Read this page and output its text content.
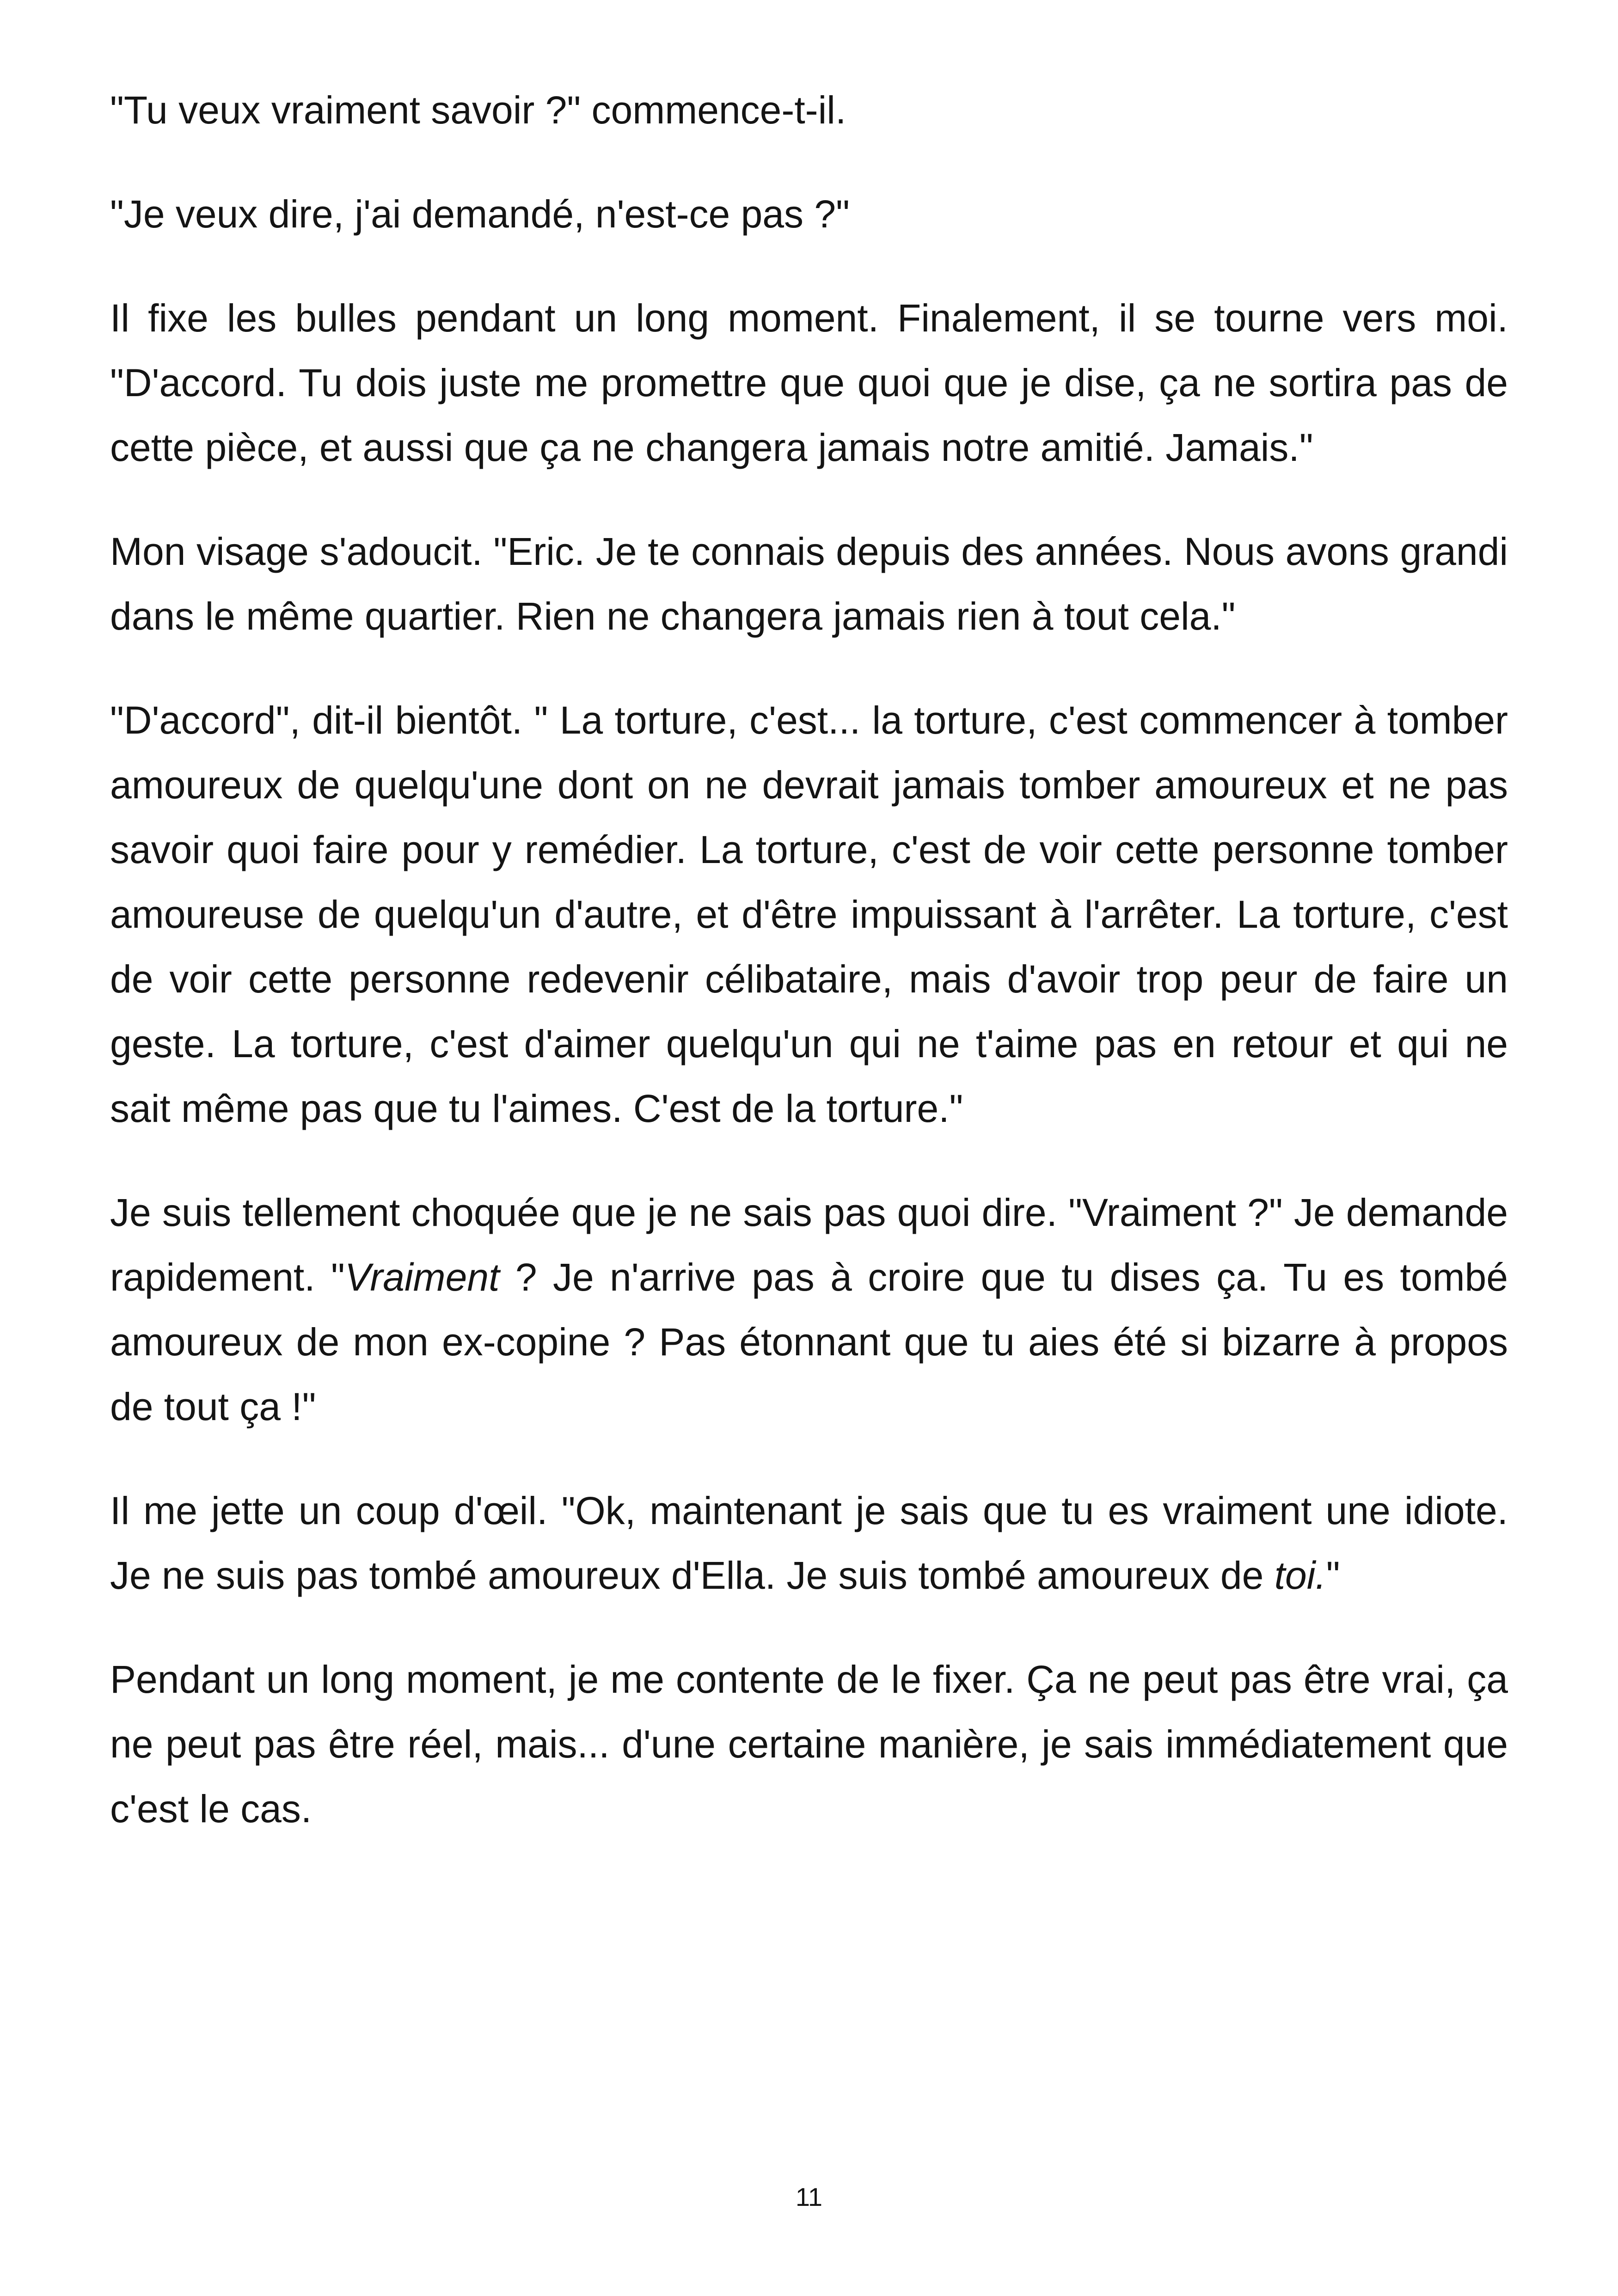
"Tu veux vraiment savoir ?" commence-t-il.

"Je veux dire, j'ai demandé, n'est-ce pas ?"

Il fixe les bulles pendant un long moment. Finalement, il se tourne vers moi. "D'accord. Tu dois juste me promettre que quoi que je dise, ça ne sortira pas de cette pièce, et aussi que ça ne changera jamais notre amitié. Jamais."

Mon visage s'adoucit. "Eric. Je te connais depuis des années. Nous avons grandi dans le même quartier. Rien ne changera jamais rien à tout cela."

"D'accord", dit-il bientôt. " La torture, c'est... la torture, c'est commencer à tomber amoureux de quelqu'une dont on ne devrait jamais tomber amoureux et ne pas savoir quoi faire pour y remédier. La torture, c'est de voir cette personne tomber amoureuse de quelqu'un d'autre, et d'être impuissant à l'arrêter. La torture, c'est de voir cette personne redevenir célibataire, mais d'avoir trop peur de faire un geste. La torture, c'est d'aimer quelqu'un qui ne t'aime pas en retour et qui ne sait même pas que tu l'aimes. C'est de la torture."

Je suis tellement choquée que je ne sais pas quoi dire. "Vraiment ?" Je demande rapidement. "Vraiment ? Je n'arrive pas à croire que tu dises ça. Tu es tombé amoureux de mon ex-copine ? Pas étonnant que tu aies été si bizarre à propos de tout ça !"

Il me jette un coup d'œil. "Ok, maintenant je sais que tu es vraiment une idiote. Je ne suis pas tombé amoureux d'Ella. Je suis tombé amoureux de toi."

Pendant un long moment, je me contente de le fixer. Ça ne peut pas être vrai, ça ne peut pas être réel, mais... d'une certaine manière, je sais immédiatement que c'est le cas.

11
